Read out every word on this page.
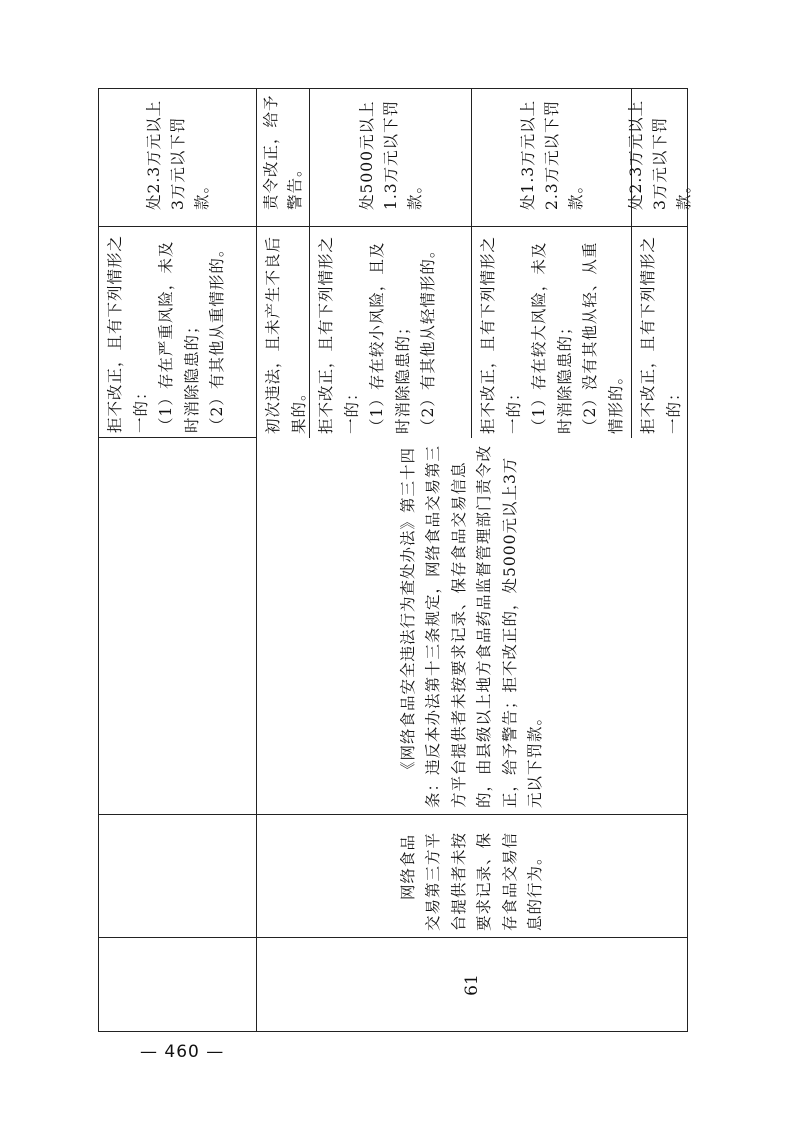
拒不改正，且有下列情形之一的： （1）存在严重风险，未及时消除隐患的； （2）有其他从重情形的。
处2.3万元以上3万元以下罚款。
61

网络食品交易第三方平台提供者未按要求记录、保存食品交易信息的行为。

《网络食品安全违法行为查处办法》第三十四条：违反本办法第十三条规定，网络食品交易第三方平台提供者未按要求记录、保存食品交易信息的，由县级以上地方食品药品监督管理部门责令改正，给予警告；拒不改正的，处5000元以上3万元以下罚款。

初次违法，且未产生不良后果的。
责令改正，给予警告。
拒不改正，且有下列情形之一的： （1）存在较小风险，且及时消除隐患的； （2）有其他从轻情形的。
处5000元以上1.3万元以下罚款。
拒不改正，且有下列情形之一的： （1）存在较大风险，未及时消除隐患的； （2）没有其他从轻、从重情形的。
处1.3万元以上2.3万元以下罚款。
拒不改正，且有下列情形之一的：
处2.3万元以上3万元以下罚款。
— 460 —
